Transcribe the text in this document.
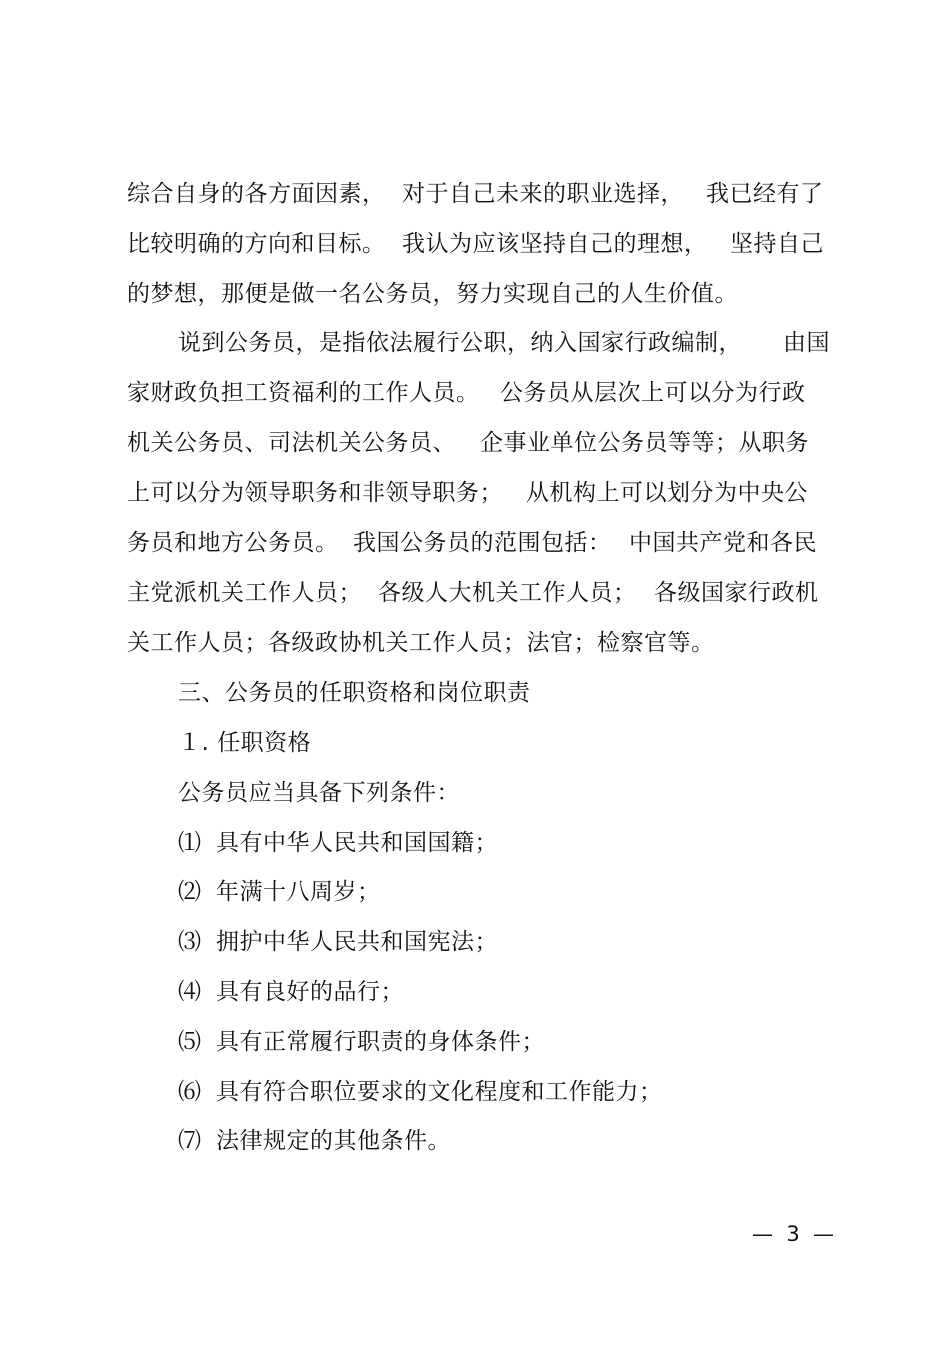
综合自身的各方面因素，

对于自己未来的职业选择，

我已经有了

比较明确的方向和目标。

我认为应该坚持自己的理想，

坚持自己

的梦想，那便是做一名公务员，努力实现自己的人生价值。

说到公务员，是指依法履行公职，纳入国家行政编制，

由国

家财政负担工资福利的工作人员。

公务员从层次上可以分为行政

机关公务员、司法机关公务员、

企事业单位公务员等等；从职务

上可以分为领导职务和非领导职务；

从机构上可以划分为中央公

务员和地方公务员。

我国公务员的范围包括：

中国共产党和各民

主党派机关工作人员；

各级人大机关工作人员；

各级国家行政机

关工作人员；各级政协机关工作人员；法官；检察官等。

三、公务员的任职资格和岗位职责

１. 任职资格

公务员应当具备下列条件：

⑴

具有中华人民共和国国籍；

⑵

年满十八周岁；

⑶

拥护中华人民共和国宪法；

⑷

具有良好的品行；

⑸

具有正常履行职责的身体条件；

⑹

具有符合职位要求的文化程度和工作能力；

⑺

法律规定的其他条件。

—  3  —
